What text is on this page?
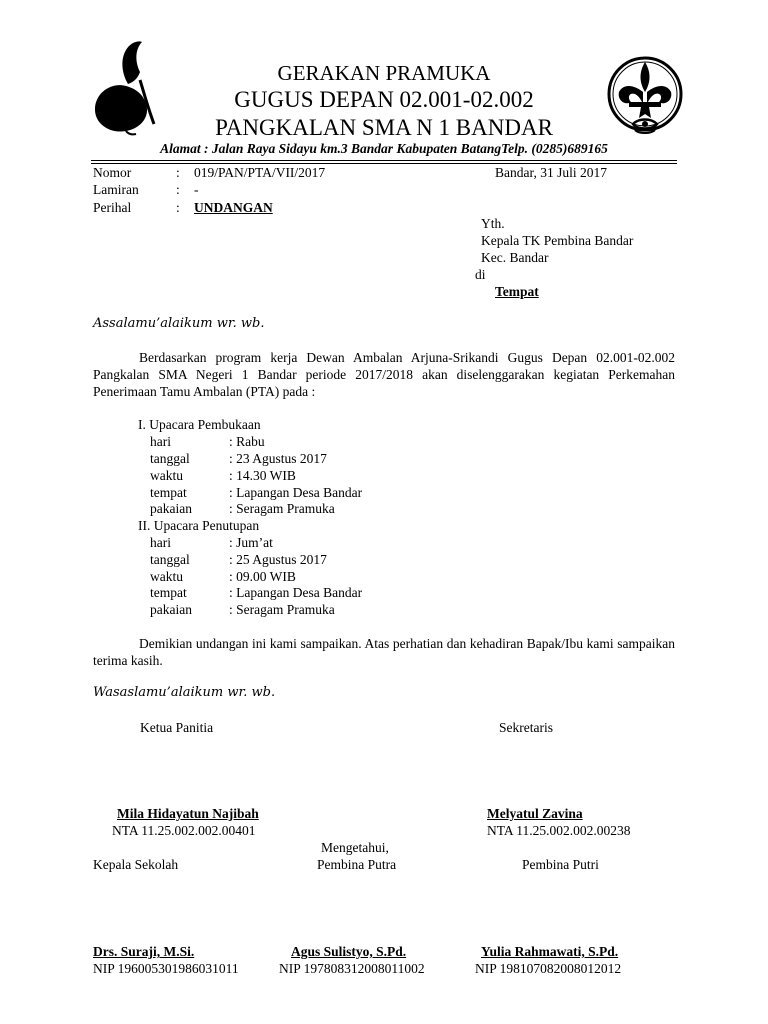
GERAKAN PRAMUKA
GUGUS DEPAN 02.001-02.002
PANGKALAN SMA N 1 BANDAR
Alamat : Jalan Raya Sidayu km.3 Bandar Kabupaten BatangTelp. (0285)689165
Nomor	: 019/PAN/PTA/VII/2017	Bandar, 31 Juli 2017
Lamiran	: -
Perihal	: UNDANGAN
Yth.
Kepala TK Pembina Bandar
Kec. Bandar
di
Tempat
Assalamu’alaikum wr. wb.
Berdasarkan program kerja Dewan Ambalan Arjuna-Srikandi Gugus Depan 02.001-02.002 Pangkalan SMA Negeri 1 Bandar periode 2017/2018 akan diselenggarakan kegiatan Perkemahan Penerimaan Tamu Ambalan (PTA) pada :
I. Upacara Pembukaan
hari	: Rabu
tanggal	: 23 Agustus 2017
waktu	: 14.30 WIB
tempat	: Lapangan Desa Bandar
pakaian	: Seragam Pramuka
II. Upacara Penutupan
hari	: Jum’at
tanggal	: 25 Agustus 2017
waktu	: 09.00 WIB
tempat	: Lapangan Desa Bandar
pakaian	: Seragam Pramuka
Demikian undangan ini kami sampaikan. Atas perhatian dan kehadiran Bapak/Ibu kami sampaikan terima kasih.
Wasaslamu’alaikum wr. wb.
Ketua Panitia	Sekretaris
Mila Hidayatun Najibah
NTA 11.25.002.002.00401
Melyatul Zavina
NTA 11.25.002.002.00238
Mengetahui,
Kepala Sekolah	Pembina Putra	Pembina Putri
Drs. Suraji, M.Si.
NIP 196005301986031011
Agus Sulistyo, S.Pd.
NIP 197808312008011002
Yulia Rahmawati, S.Pd.
NIP 198107082008012012
